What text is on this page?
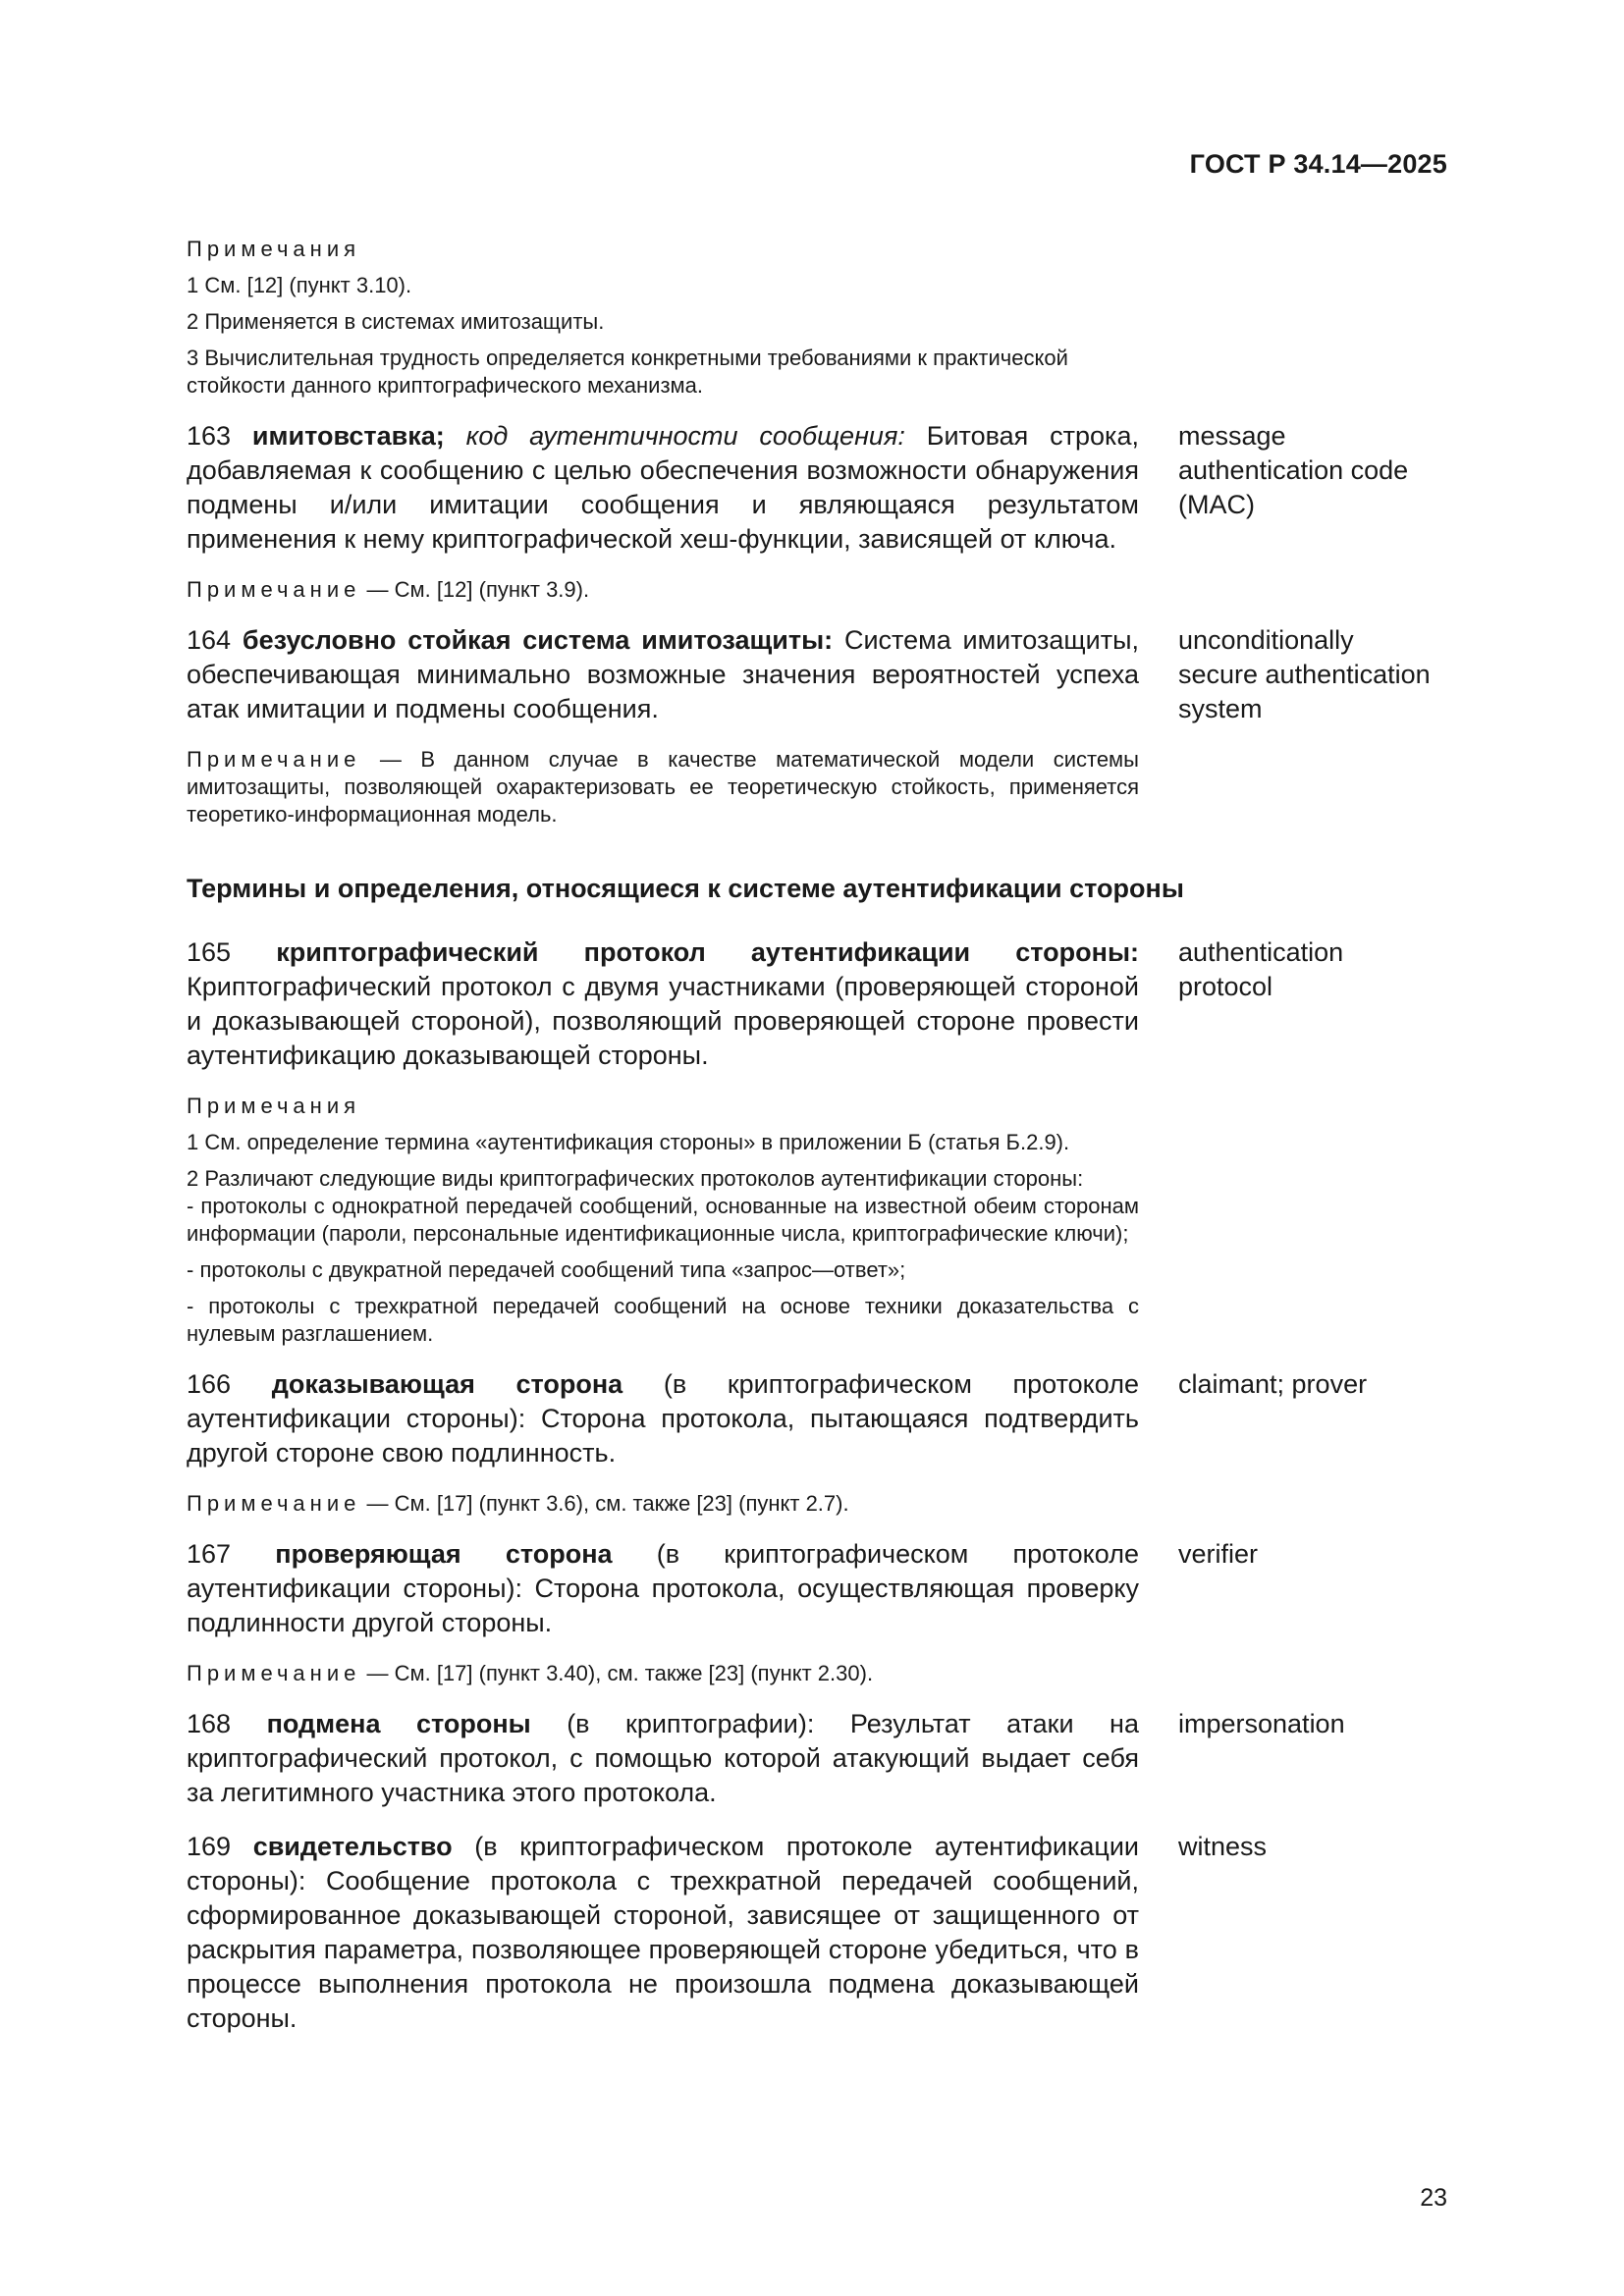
ГОСТ Р 34.14—2025

Примечания

1 См. [12] (пункт 3.10).

2 Применяется в системах имитозащиты.

3 Вычислительная трудность определяется конкретными требованиями к практической стойкости данного криптографического механизма.

163 имитовставка; код аутентичности сообщения: Битовая строка, добавляемая к сообщению с целью обеспечения возможности обнаружения подмены и/или имитации сообщения и являющаяся результатом применения к нему криптографической хеш-функции, зависящей от ключа.
message authentication code (MAC)

Примечание — См. [12] (пункт 3.9).

164 безусловно стойкая система имитозащиты: Система имитозащиты, обеспечивающая минимально возможные значения вероятностей успеха атак имитации и подмены сообщения.
unconditionally secure authentication system

Примечание — В данном случае в качестве математической модели системы имитозащиты, позволяющей охарактеризовать ее теоретическую стойкость, применяется теоретико-информационная модель.

Термины и определения, относящиеся к системе аутентификации стороны
165 криптографический протокол аутентификации стороны: Криптографический протокол с двумя участниками (проверяющей стороной и доказывающей стороной), позволяющий проверяющей стороне провести аутентификацию доказывающей стороны.
authentication protocol

Примечания

1 См. определение термина «аутентификация стороны» в приложении Б (статья Б.2.9).

2 Различают следующие виды криптографических протоколов аутентификации стороны:

- протоколы с однократной передачей сообщений, основанные на известной обеим сторонам информации (пароли, персональные идентификационные числа, криптографические ключи);

- протоколы с двукратной передачей сообщений типа «запрос—ответ»;

- протоколы с трехкратной передачей сообщений на основе техники доказательства с нулевым разглашением.

166 доказывающая сторона (в криптографическом протоколе аутентификации стороны): Сторона протокола, пытающаяся подтвердить другой стороне свою подлинность.
claimant; prover

Примечание — См. [17] (пункт 3.6), см. также [23] (пункт 2.7).

167 проверяющая сторона (в криптографическом протоколе аутентификации стороны): Сторона протокола, осуществляющая проверку подлинности другой стороны.
verifier

Примечание — См. [17] (пункт 3.40), см. также [23] (пункт 2.30).

168 подмена стороны (в криптографии): Результат атаки на криптографический протокол, с помощью которой атакующий выдает себя за легитимного участника этого протокола.
impersonation
169 свидетельство (в криптографическом протоколе аутентификации стороны): Сообщение протокола с трехкратной передачей сообщений, сформированное доказывающей стороной, зависящее от защищенного от раскрытия параметра, позволяющее проверяющей стороне убедиться, что в процессе выполнения протокола не произошла подмена доказывающей стороны.
witness
23
